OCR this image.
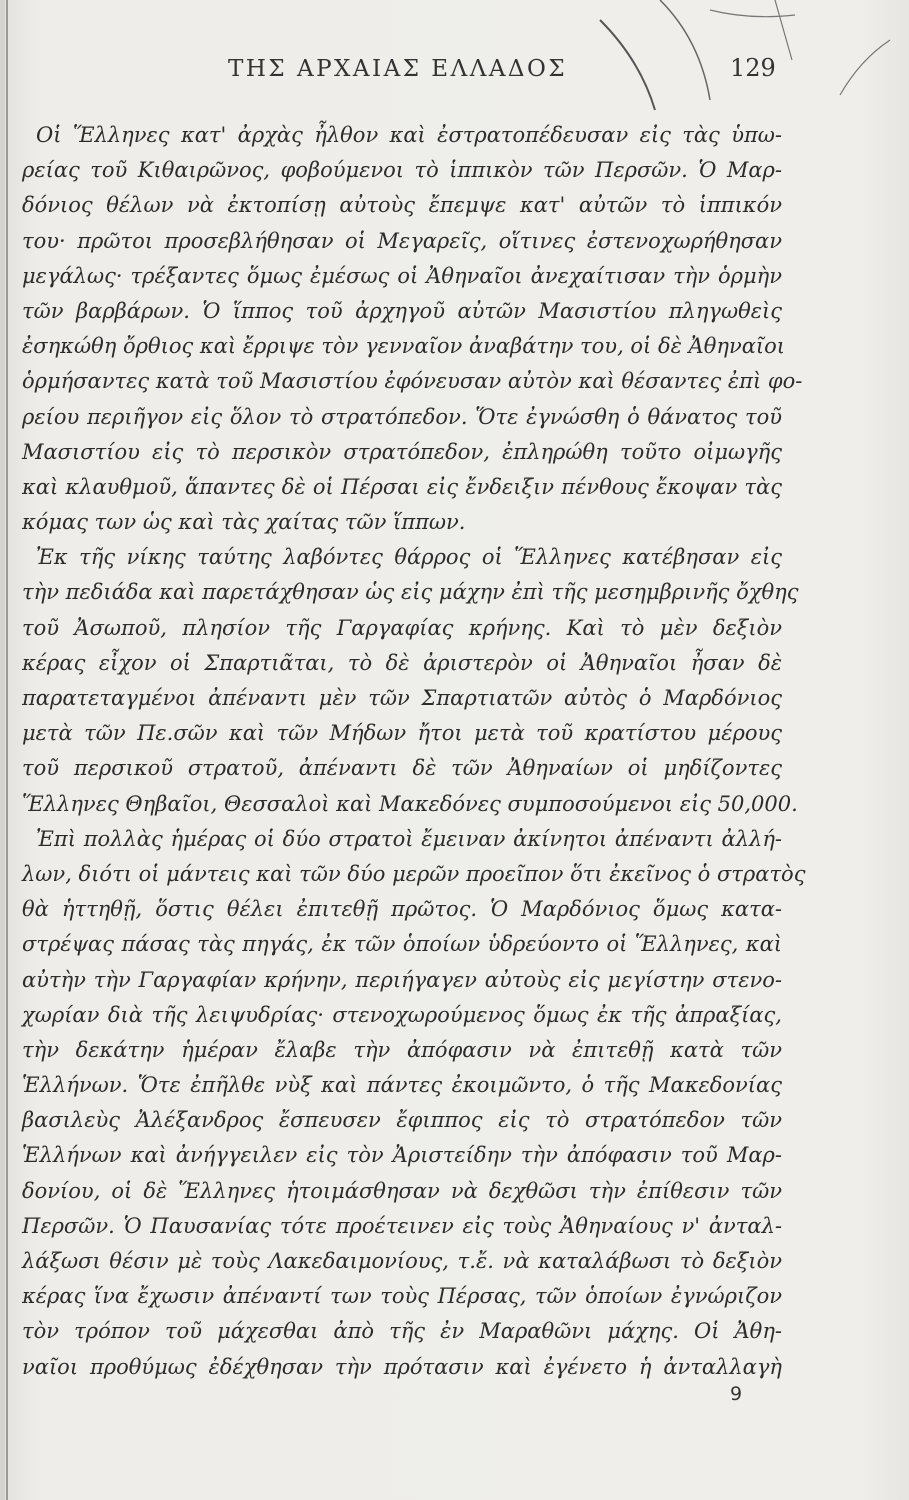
ΤΗΣ ΑΡΧΑΙΑΣ ΕΛΛΑΔΟΣ	129
Οἱ Ἕλληνες κατ' ἀρχὰς ἦλθον καὶ ἐστρατοπέδευσαν εἰς τὰς ὑπω-
ρείας τοῦ Κιθαιρῶνος, φοβούμενοι τὸ ἱππικὸν τῶν Περσῶν. Ὁ Μαρ-
δόνιος θέλων νὰ ἐκτοπίσῃ αὐτοὺς ἔπεμψε κατ' αὐτῶν τὸ ἱππικόν
του· πρῶτοι προσεβλήθησαν οἱ Μεγαρεῖς, οἵτινες ἐστενοχωρήθησαν
μεγάλως· τρέξαντες ὅμως ἐμέσως οἱ Ἀθηναῖοι ἀνεχαίτισαν τὴν ὁρμὴν
τῶν βαρβάρων. Ὁ ἵππος τοῦ ἀρχηγοῦ αὐτῶν Μασιστίου πληγωθεὶς
ἐσηκώθη ὄρθιος καὶ ἔρριψε τὸν γενναῖον ἀναβάτην του, οἱ δὲ Ἀθηναῖοι
ὁρμήσαντες κατὰ τοῦ Μασιστίου ἐφόνευσαν αὐτὸν καὶ θέσαντες ἐπὶ φο-
ρείου περιῆγον εἰς ὅλον τὸ στρατόπεδον. Ὅτε ἐγνώσθη ὁ θάνατος τοῦ
Μασιστίου εἰς τὸ περσικὸν στρατόπεδον, ἐπληρώθη τοῦτο οἰμωγῆς
καὶ κλαυθμοῦ, ἅπαντες δὲ οἱ Πέρσαι εἰς ἔνδειξιν πένθους ἔκοψαν τὰς
κόμας των ὡς καὶ τὰς χαίτας τῶν ἵππων.
Ἐκ τῆς νίκης ταύτης λαβόντες θάρρος οἱ Ἕλληνες κατέβησαν εἰς
τὴν πεδιάδα καὶ παρετάχθησαν ὡς εἰς μάχην ἐπὶ τῆς μεσημβρινῆς ὄχθης
τοῦ Ἀσωποῦ, πλησίον τῆς Γαργαφίας κρήνης. Καὶ τὸ μὲν δεξιὸν
κέρας εἶχον οἱ Σπαρτιᾶται, τὸ δὲ ἀριστερὸν οἱ Ἀθηναῖοι ἦσαν δὲ
παρατεταγμένοι ἀπέναντι μὲν τῶν Σπαρτιατῶν αὐτὸς ὁ Μαρδόνιος
μετὰ τῶν Πε.σῶν καὶ τῶν Μήδων ἤτοι μετὰ τοῦ κρατίστου μέρους
τοῦ περσικοῦ στρατοῦ, ἀπέναντι δὲ τῶν Ἀθηναίων οἱ μηδίζοντες
Ἕλληνες Θηβαῖοι, Θεσσαλοὶ καὶ Μακεδόνες συμποσούμενοι εἰς 50,000.
Ἐπὶ πολλὰς ἡμέρας οἱ δύο στρατοὶ ἔμειναν ἀκίνητοι ἀπέναντι ἀλλή-
λων, διότι οἱ μάντεις καὶ τῶν δύο μερῶν προεῖπον ὅτι ἐκεῖνος ὁ στρατὸς
θὰ ἡττηθῇ, ὅστις θέλει ἐπιτεθῇ πρῶτος. Ὁ Μαρδόνιος ὅμως κατα-
στρέψας πάσας τὰς πηγάς, ἐκ τῶν ὁποίων ὑδρεύοντο οἱ Ἕλληνες, καὶ
αὐτὴν τὴν Γαργαφίαν κρήνην, περιήγαγεν αὐτοὺς εἰς μεγίστην στενο-
χωρίαν διὰ τῆς λειψυδρίας· στενοχωρούμενος ὅμως ἐκ τῆς ἀπραξίας,
τὴν δεκάτην ἡμέραν ἔλαβε τὴν ἀπόφασιν νὰ ἐπιτεθῇ κατὰ τῶν
Ἑλλήνων. Ὅτε ἐπῆλθε νὺξ καὶ πάντες ἐκοιμῶντο, ὁ τῆς Μακεδονίας
βασιλεὺς Ἀλέξανδρος ἔσπευσεν ἔφιππος εἰς τὸ στρατόπεδον τῶν
Ἑλλήνων καὶ ἀνήγγειλεν εἰς τὸν Ἀριστείδην τὴν ἀπόφασιν τοῦ Μαρ-
δονίου, οἱ δὲ Ἕλληνες ἡτοιμάσθησαν νὰ δεχθῶσι τὴν ἐπίθεσιν τῶν
Περσῶν. Ὁ Παυσανίας τότε προέτεινεν εἰς τοὺς Ἀθηναίους ν' ἀνταλ-
λάξωσι θέσιν μὲ τοὺς Λακεδαιμονίους, τ.ἔ. νὰ καταλάβωσι τὸ δεξιὸν
κέρας ἵνα ἔχωσιν ἀπέναντί των τοὺς Πέρσας, τῶν ὁποίων ἐγνώριζον
τὸν τρόπον τοῦ μάχεσθαι ἀπὸ τῆς ἐν Μαραθῶνι μάχης. Οἱ Ἀθη-
ναῖοι προθύμως ἐδέχθησαν τὴν πρότασιν καὶ ἐγένετο ἡ ἀνταλλαγὴ
9
